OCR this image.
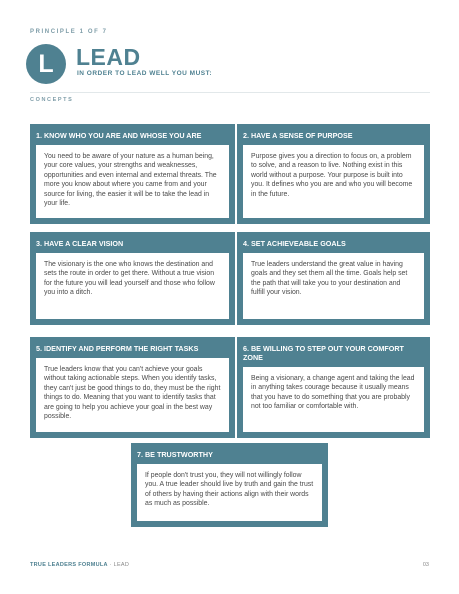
PRINCIPLE 1 OF 7
L LEAD
IN ORDER TO LEAD WELL YOU MUST:
CONCEPTS
1. KNOW WHO YOU ARE AND WHOSE YOU ARE
You need to be aware of your nature as a human being, your core values, your strengths and weaknesses, opportunities and even internal and external threats. The more you know about where you came from and your source for living, the easier it will be to take the lead in your life.
2. HAVE A SENSE OF PURPOSE
Purpose gives you a direction to focus on, a problem to solve, and a reason to live. Nothing exist in this world without a purpose. Your purpose is built into you. It defines who you are and who you will become in the future.
3. HAVE A CLEAR VISION
The visionary is the one who knows the destination and sets the route in order to get there. Without a true vision for the future you will lead yourself and those who follow you into a ditch.
4. SET ACHIEVEABLE GOALS
True leaders understand the great value in having goals and they set them all the time. Goals help set the path that will take you to your destination and fulfill your vision.
5. IDENTIFY AND PERFORM THE RIGHT TASKS
True leaders know that you can't achieve your goals without taking actionable steps. When you identify tasks, they can't just be good things to do, they must be the right things to do. Meaning that you want to identify tasks that are going to help you achieve your goal in the best way possible.
6. BE WILLING TO STEP OUT YOUR COMFORT ZONE
Being a visionary, a change agent and taking the lead in anything takes courage because it usually means that you have to do something that you are probably not too familiar or comfortable with.
7. BE TRUSTWORTHY
If people don't trust you, they will not willingly follow you. A true leader should live by truth and gain the trust of others by having their actions align with their words as much as possible.
TRUE LEADERS FORMULA · LEAD	03
